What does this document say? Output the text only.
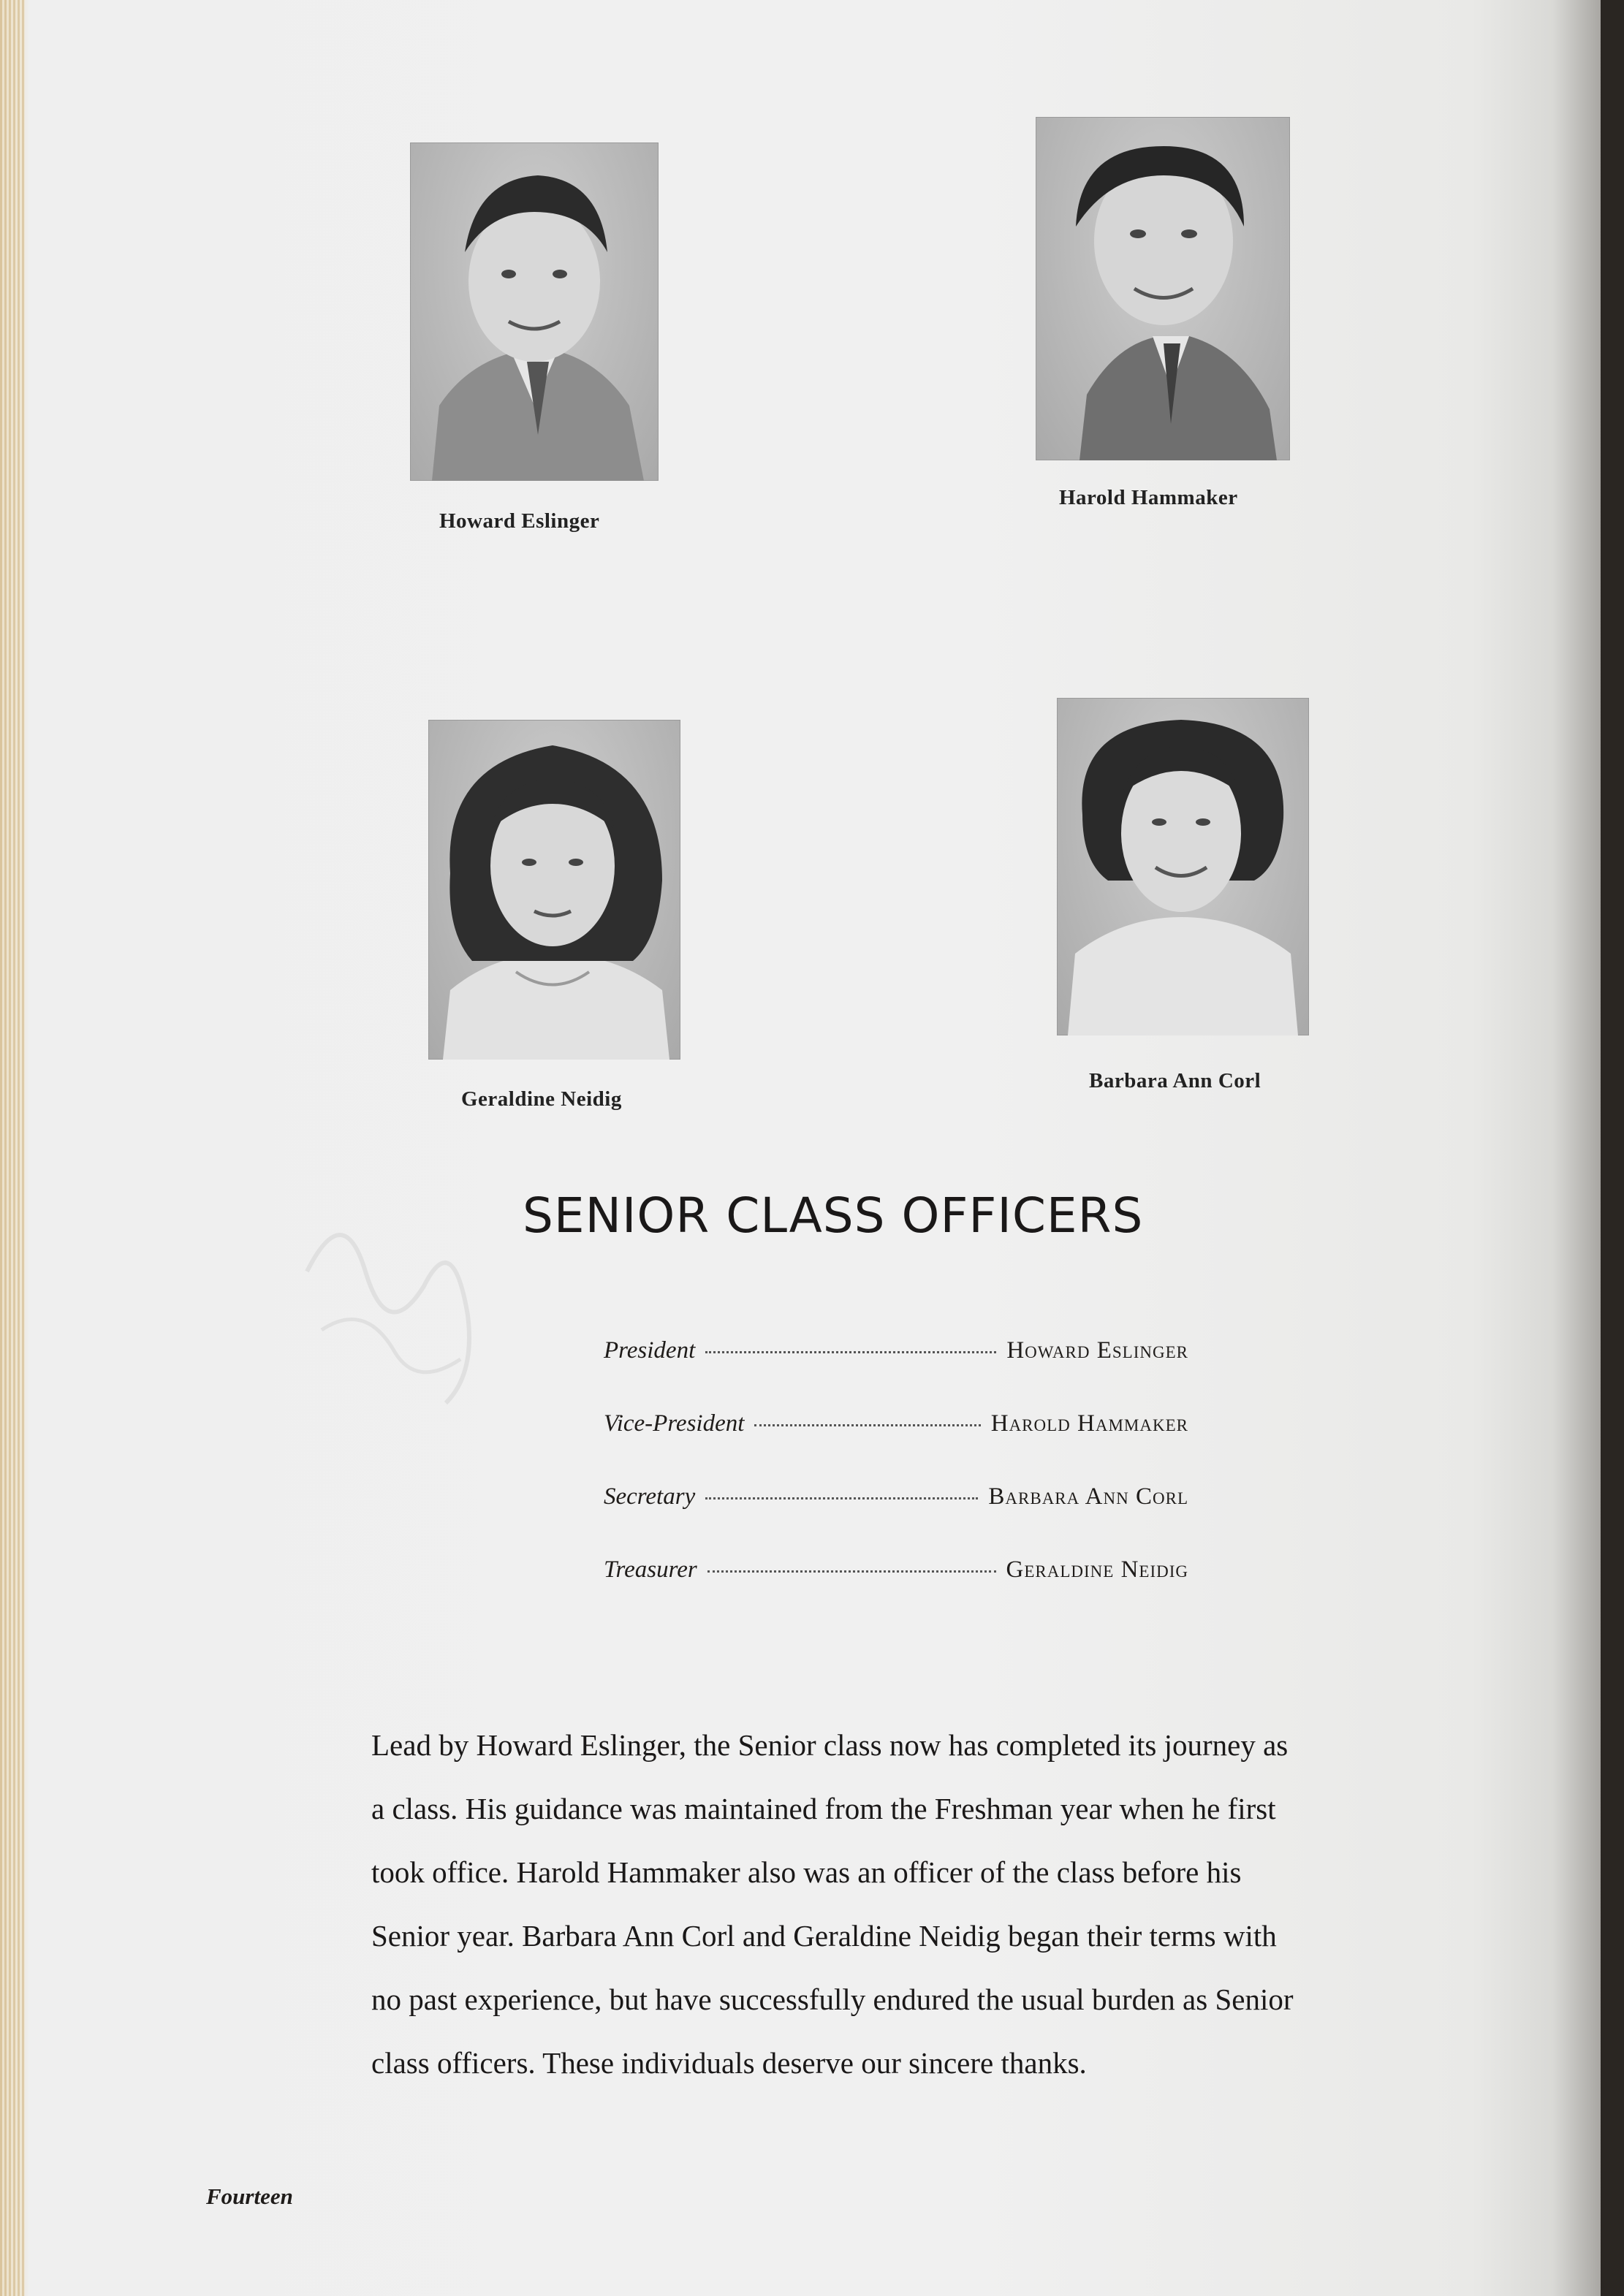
Howard Eslinger
Harold Hammaker
Geraldine Neidig
Barbara Ann Corl
SENIOR CLASS OFFICERS
President	Howard Eslinger
Vice-President	Harold Hammaker
Secretary	Barbara Ann Corl
Treasurer	Geraldine Neidig
Lead by Howard Eslinger, the Senior class now has completed its journey as
a class. His guidance was maintained from the Freshman year when he first
took office. Harold Hammaker also was an officer of the class before his
Senior year. Barbara Ann Corl and Geraldine Neidig began their terms with
no past experience, but have successfully endured the usual burden as Senior
class officers. These individuals deserve our sincere thanks.
Fourteen
